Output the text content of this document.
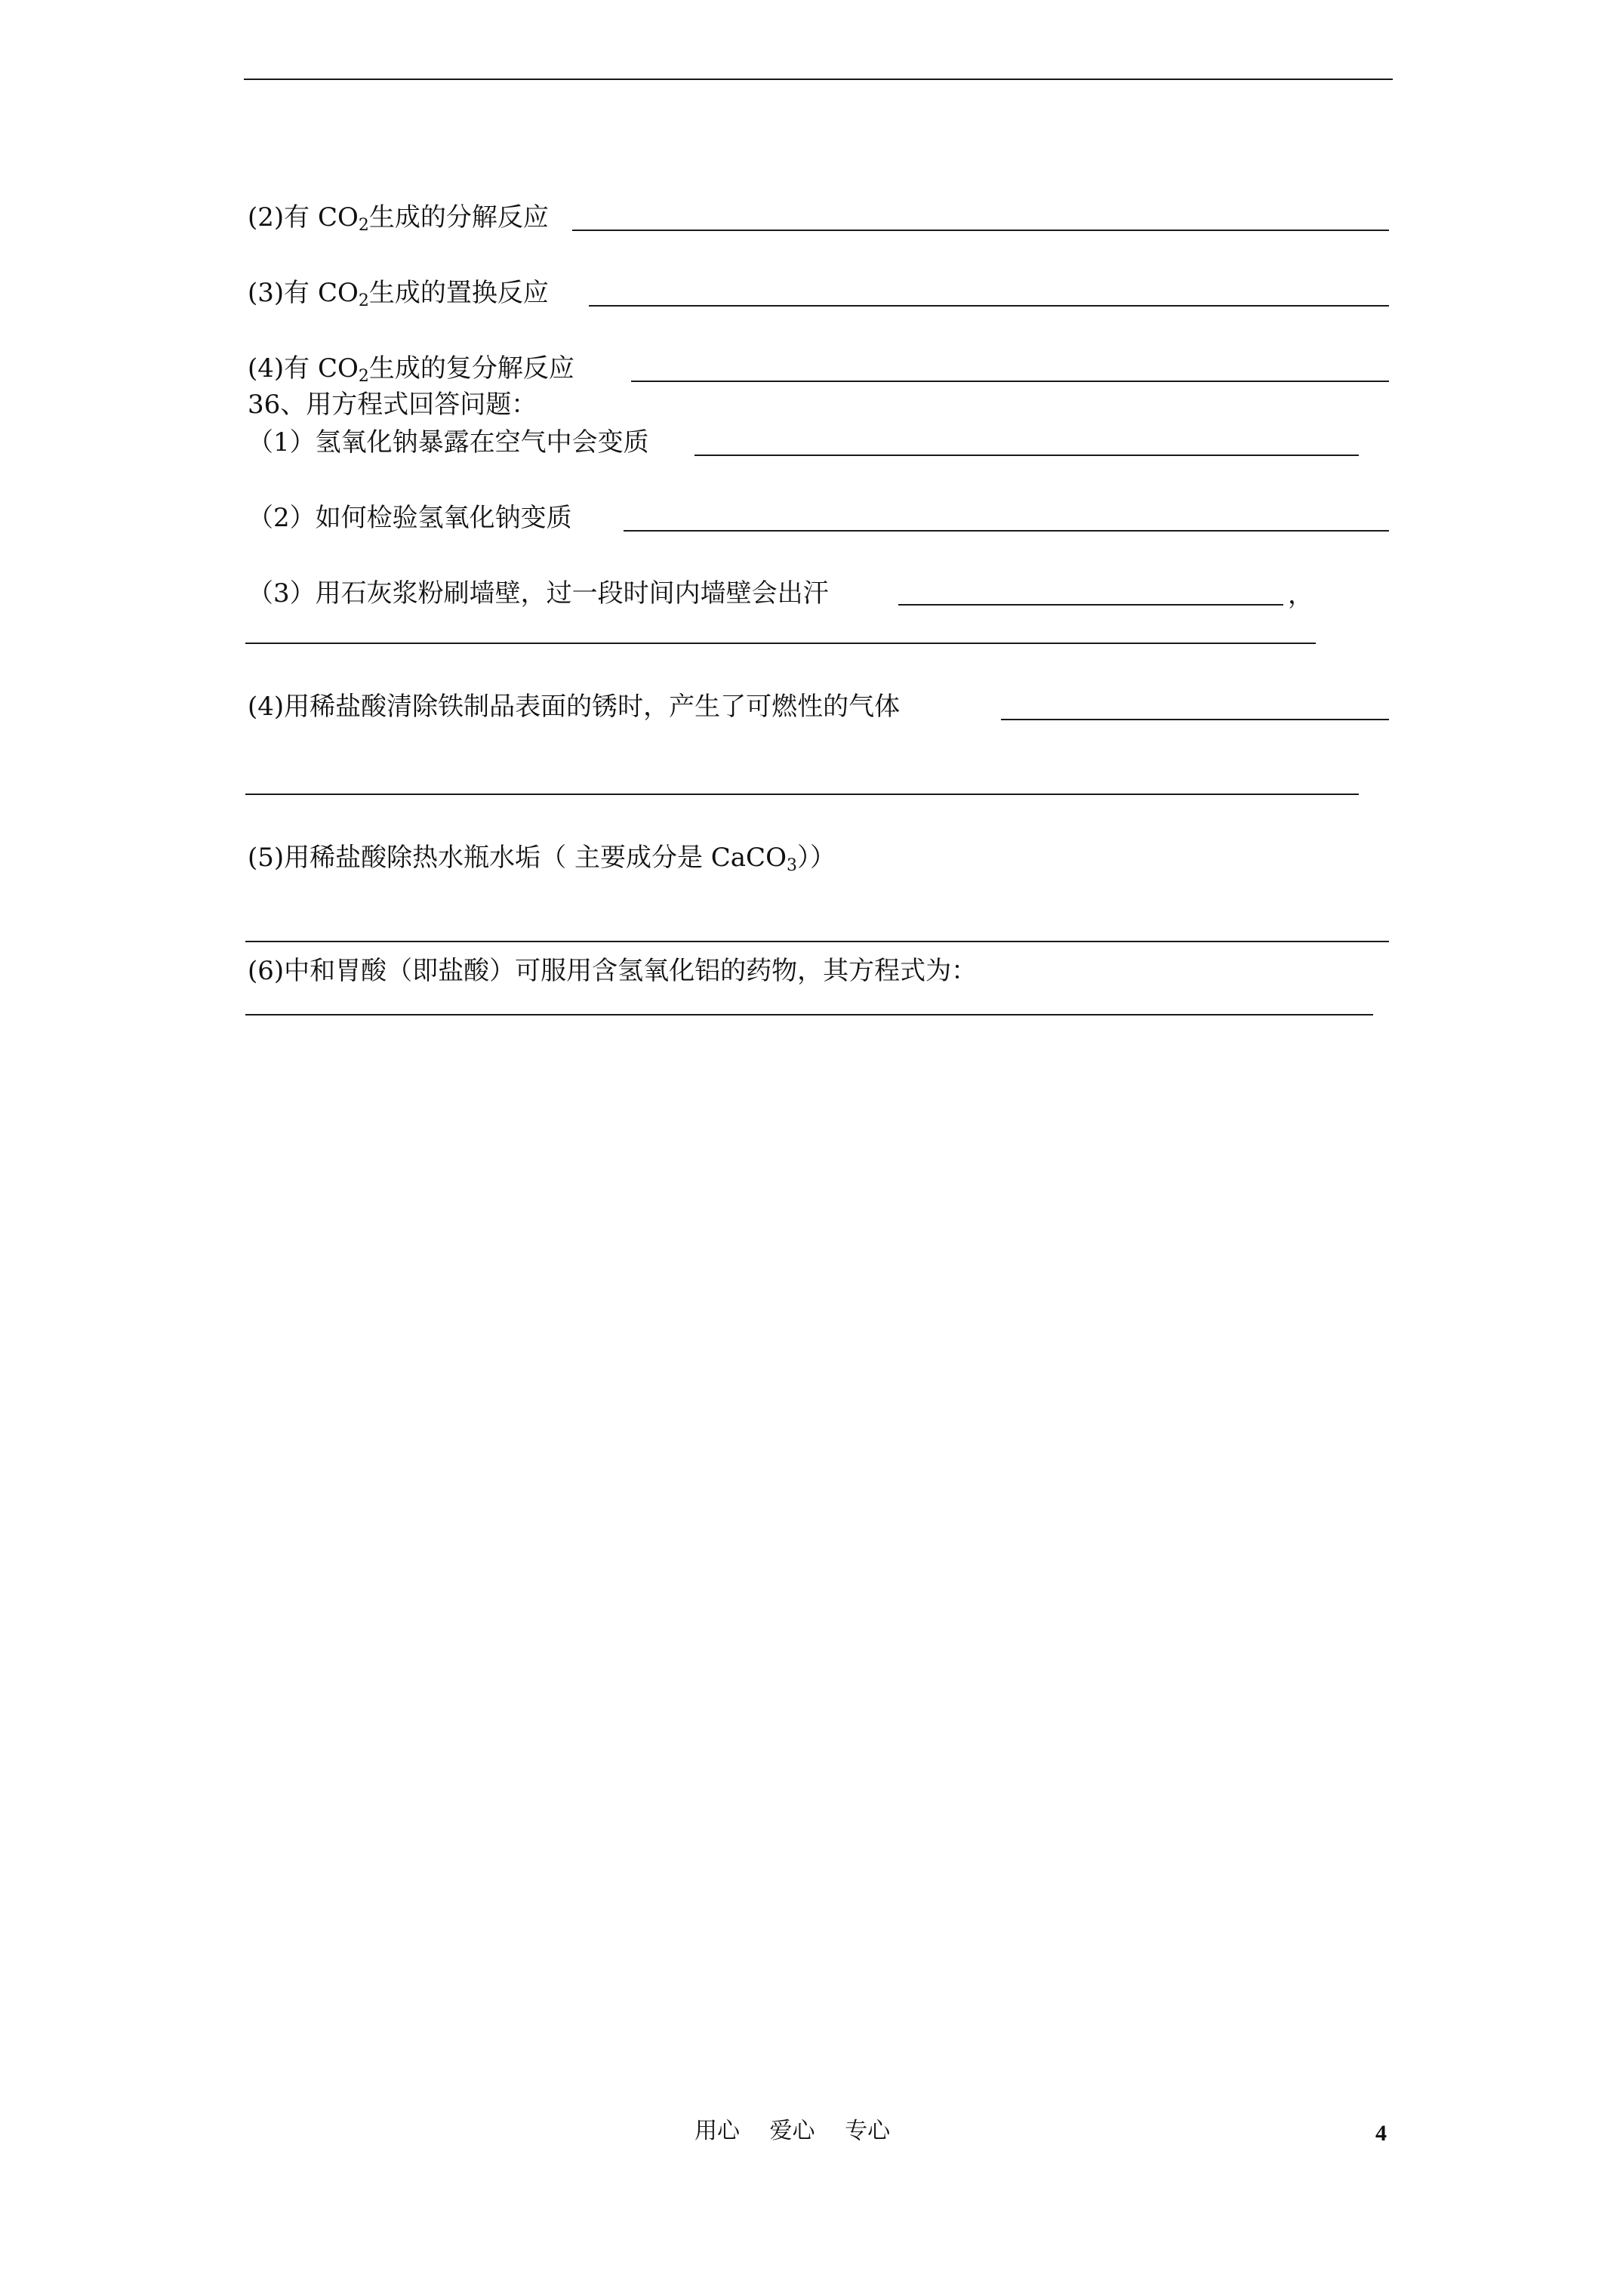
(2)有 $CO_2$生成的分解反应
(3)有 $CO_2$生成的置换反应
(4)有 $CO_2$生成的复分解反应
36、用方程式回答问题：
（1）氢氧化钠暴露在空气中会变质
（2）如何检验氢氧化钠变质
（3）用石灰浆粉刷墙壁，过一段时间内墙壁会出汗	，
(4)用稀盐酸清除铁制品表面的锈时，产生了可燃性的气体
(5)用稀盐酸除热水瓶水垢（ 主要成分是 CaCO$_3$））
(6)中和胃酸（即盐酸）可服用含氢氧化铝的药物，其方程式为：
用心　 爱心　 专心	4
